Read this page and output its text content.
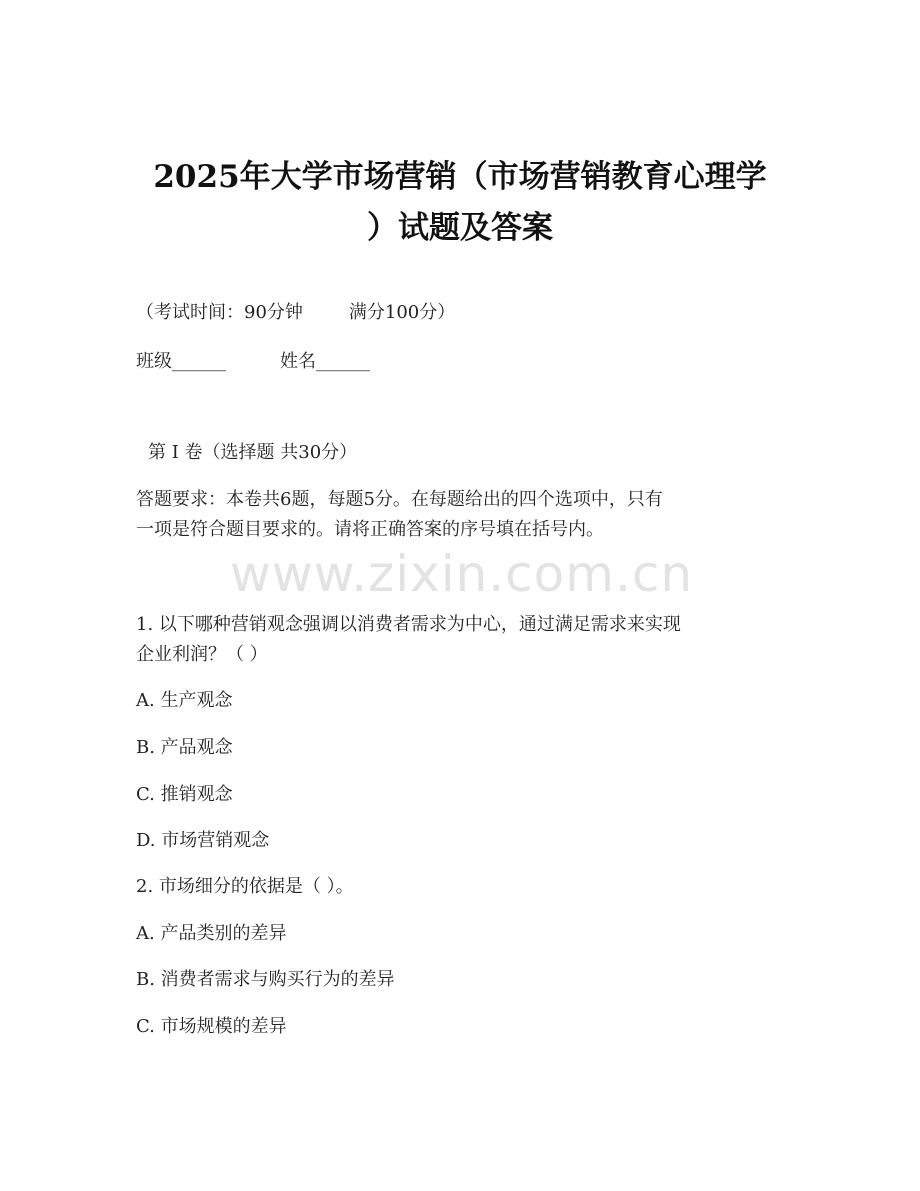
www.zixin.com.cn
2025年大学市场营销（市场营销教育心理学
）试题及答案
（考试时间：90分钟	满分100分）
班级______	姓名______
第 I 卷（选择题 共30分）
答题要求：本卷共6题，每题5分。在每题给出的四个选项中，只有
一项是符合题目要求的。请将正确答案的序号填在括号内。
1. 以下哪种营销观念强调以消费者需求为中心，通过满足需求来实现
企业利润？（ ）
A. 生产观念
B. 产品观念
C. 推销观念
D. 市场营销观念
2. 市场细分的依据是（ ）。
A. 产品类别的差异
B. 消费者需求与购买行为的差异
C. 市场规模的差异
